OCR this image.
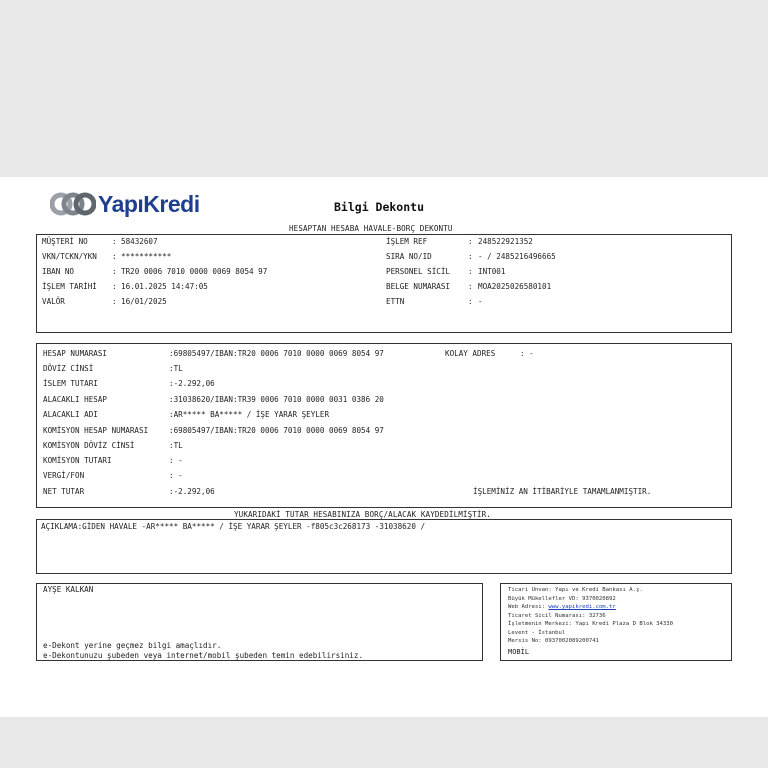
YapıKredi	Bilgi Dekontu
HESAPTAN HESABA HAVALE-BORÇ DEKONTU
MÜŞTERİ NO	: 58432607
VKN/TCKN/YKN : ***********
IBAN NO	: TR20 0006 7010 0000 0069 8054 97
İŞLEM TARİHİ : 16.01.2025 14:47:05
VALÖR	: 16/01/2025
İŞLEM REF	: 248522921352
SIRA NO/ID	: - / 2485216496665
PERSONEL SİCİL : INT001
BELGE NUMARASI : MOA2025026580101
ETTN	: -
HESAP NUMARASI	:69805497/IBAN:TR20 0006 7010 0000 0069 8054 97
DÖVİZ CİNSİ	:TL
İSLEM TUTARI	:-2.292,06
ALACAKLI HESAP	:31038620/IBAN:TR39 0006 7010 0000 0031 0386 20
ALACAKLI ADI	:AR***** BA***** / İŞE YARAR ŞEYLER
KOMİSYON HESAP NUMARASI	:69805497/IBAN:TR20 0006 7010 0000 0069 8054 97
KOMİSYON DÖVİZ CİNSİ	:TL
KOMİSYON TUTARI	: -
VERGİ/FON	: -
NET TUTAR	:-2.292,06
KOLAY ADRES	: -
İŞLEMİNİZ AN İTİBARİYLE TAMAMLANMIŞTIR.
YUKARIDAKİ TUTAR HESABINIZA BORÇ/ALACAK KAYDEDİLMİŞTİR.
AÇIKLAMA:GİDEN HAVALE -AR***** BA***** / İŞE YARAR ŞEYLER -f805c3c268173 -31038620 /
AYŞE KALKAN
e-Dekont yerine geçmez bilgi amaçlıdır.
e-Dekontunuzu şubeden veya internet/mobil şubeden temin edebilirsiniz.
Ticari Unvan: Yapı ve Kredi Bankası A.ş.
Büyük Mükellefler VD: 9370020892
Web Adresi: www.yapikredi.com.tr
Ticaret Sicil Numarası: 32736
İşletmenin Merkezi: Yapı Kredi Plaza D Blok 34330
Levent - İstanbul
Mersis No: 0937002089200741
MOBİL
